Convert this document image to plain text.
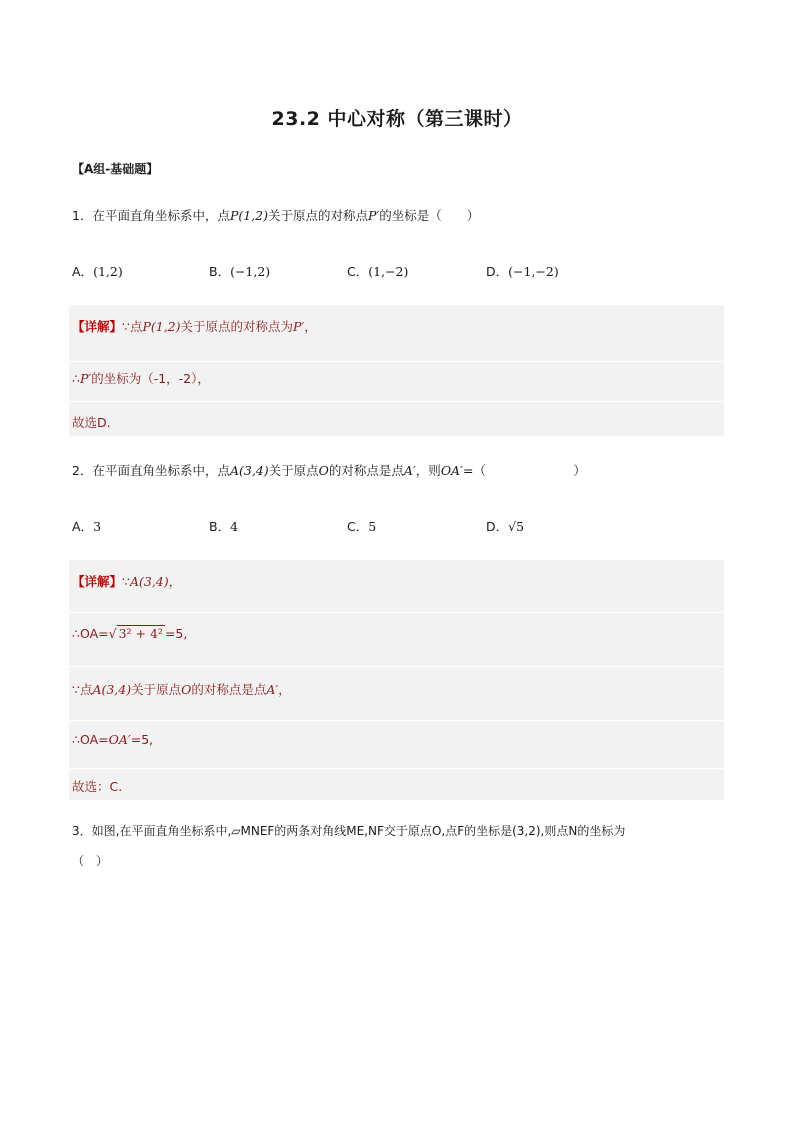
23.2 中心对称（第三课时）
【A组-基础题】
1．在平面直角坐标系中，点P(1,2)关于原点的对称点P′的坐标是（　　）
A．(1,2)	B．(−1,2)	C．(1,−2)	D．(−1,−2)
【详解】∵点P(1,2)关于原点的对称点为P′，
∴P′的坐标为（-1，-2），
故选D.
2．在平面直角坐标系中，点A(3,4)关于原点O的对称点是点A′，则OA′=（　　　　　　　）
A．3	B．4	C．5	D．√5
【详解】∵A(3,4)，
∴OA=√ 3² + 4² =5,
∵点A(3,4)关于原点O的对称点是点A′，
∴OA=OA′=5,
故选：C.
3．如图,在平面直角坐标系中,▱MNEF的两条对角线ME,NF交于原点O,点F的坐标是(3,2),则点N的坐标为
（　）
